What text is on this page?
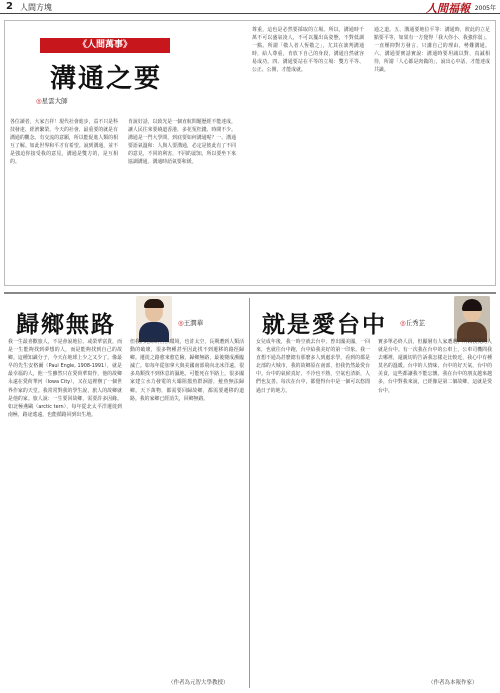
2 人間方塊	人間福報 2005年
《人間萬事》
溝通之要
◎星雲大師
各位讀者，大家吉祥！現代社會進步，益不只是科技發達、經濟繁榮，今天的社會，最重要的就是有溝通的觀念。有交流的意願，所以能促進人類的相互了解。如此世界和平才有希望。說到溝通，並不是強迫你接受我的意見。溝通是雙方的，是互相的。
肯說好話，以致光是一個直航問題歷經不能達成，讓人民往來要繞道香港，多花冤枉錢、時間不少。溝通是一門大學問，到底要如何溝通呢？一、溝通要語氣溫和：人與人要溝通，必定是彼此有了不同的意見，不同的利害，不同的認知，所以要坐下來協調溝通。溝通時語氣要和緩。
尊重，這也是必然要採取的立場。所以，溝通時千萬不可以盛氣凌人，不可以擺出高姿態，不對低調一點。所謂「敬人者人恆敬之」，尤其在談判溝通時，給人尊重，肯放下自己的身段，溝通自然就容易成功。四、溝通要站在平等的立場：雙方平等、公正、公開，才能成就。
通之道。五、溝通要地位平等：溝通時，彼此的立足點要平等，如果有一方覺得「我大你小、我強你弱」，一直壓抑對方發言，只講自己的理由，勢難溝通。六、溝通要實話實說：溝通時要坦誠以對，真誠相待，所謂「人心都是肉做的」，說出心中話，才能達成共識。
歸鄉無路	◎王潤華
我一生最喜歡旅人，不是會說地位、或榮華富貴，而是一生能夠找到夢想的人，而是能夠找到自己的故鄉。這種知識分子，今天在地球上少之又少了。像最早的先生安格爾（Paul Engle, 1908-1991），就是最幸福的人，他一生雖然只在愛荷華寫作，他的故鄉永遠在愛荷華河（Iowa City），又在這裡辦了一個世界作家的天堂。我常常對我的學生說，旅人的故鄉就是他的家。旅人說：一生要回故鄉，需要許多因緣。如北極燕鷗（arctic tern），每年從北太平洋遷徙到南極，路途遙遠，也能循路回到出生地。
但我們地球的自然環境，也許太空，長期遭到人類活動的破壞，很多物種甚至因此找不到遷移的路徑歸鄉。遷徙之路愈來愈危險，歸鄉無路，最後變成瀕臨滅亡。如每年從加拿大與美國南部飛向北冰洋遠，很多鳥類找不到休息的濕地，可能死在半路上。很多國家建立水力發電的大壩阻擋魚群洄游，鮭魚無法歸鄉。天下萬物，都需要回歸故鄉，都需要遷移的道路。我的家鄉已經消失，回鄉無路。
（作者為元智大學教授）
就是愛台中 ◎丘秀芷
女兒成年後，我一時空就去台中，曾出國美國，一回來，也就往台中跑，台中給我美好的第一印象。我一直想不通為甚麼總有那麼多人到處求學，看到的都是北部的大城市，我的故鄉原在南部，但我仍然最愛台中。台中的氣候真好，不冷也不熱，空氣也清新，人們也友善。每次在台中，都覺得台中是一個可以悠閒過日子的地方。
實多單必終人員，但顯層有人家遭遇，所以我愛的人就是台中。有一次我在台中的公車上，公車司機問我去哪裡，還親切的告訴我怎樣走比較近，我心中有種莫名的溫暖。台中的人情味，台中的好天氣，台中的美食，這些都讓我不能忘懷。我在台中的朋友越來越多，台中對我來說，已經像是第二個故鄉，這就是愛台中。
（作者為本報作家）
